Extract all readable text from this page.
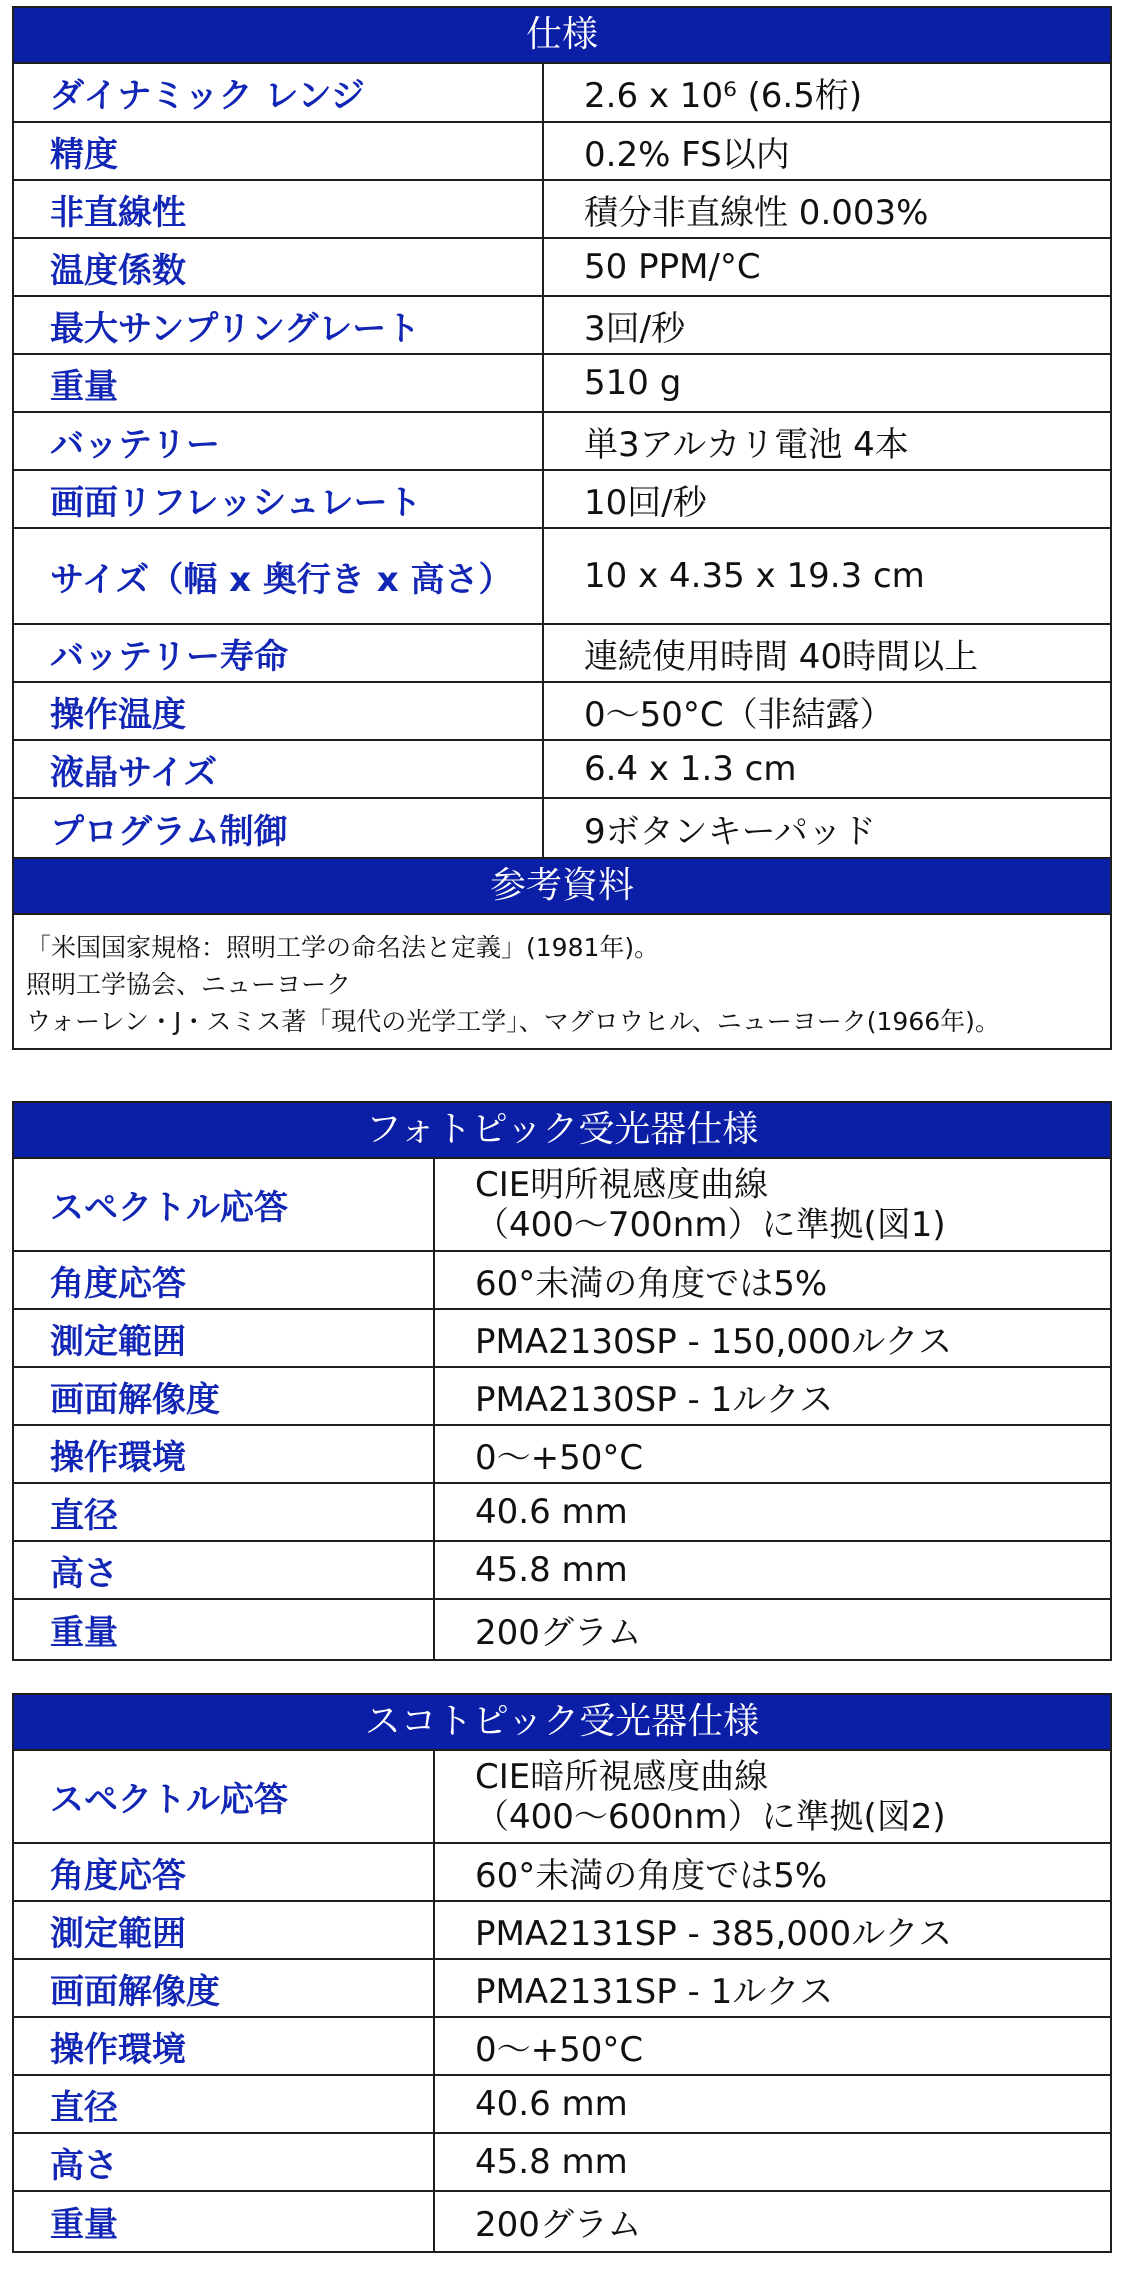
仕様
ダイナミック レンジ	2.6 x 10⁶ (6.5桁)
精度	0.2% FS以内
非直線性	積分非直線性 0.003%
温度係数	50 PPM/°C
最大サンプリングレート	3回/秒
重量	510 g
バッテリー	単3アルカリ電池 4本
画面リフレッシュレート	10回/秒
サイズ（幅 x 奥行き x 高さ）	10 x 4.35 x 19.3 cm
バッテリー寿命	連続使用時間 40時間以上
操作温度	0～50°C（非結露）
液晶サイズ	6.4 x 1.3 cm
プログラム制御	9ボタンキーパッド
参考資料
「米国国家規格：照明工学の命名法と定義」(1981年)。
照明工学協会、ニューヨーク
ウォーレン・J・スミス著「現代の光学工学」、マグロウヒル、ニューヨーク(1966年)。
フォトピック受光器仕様
スペクトル応答	CIE明所視感度曲線
（400～700nm）に準拠(図1)

角度応答	60°未満の角度では5%
測定範囲	PMA2130SP - 150,000ルクス
画面解像度	PMA2130SP - 1ルクス
操作環境	0～+50°C
直径	40.6 mm
高さ	45.8 mm
重量	200グラム
スコトピック受光器仕様
スペクトル応答	CIE暗所視感度曲線
（400～600nm）に準拠(図2)

角度応答	60°未満の角度では5%
測定範囲	PMA2131SP - 385,000ルクス
画面解像度	PMA2131SP - 1ルクス
操作環境	0～+50°C
直径	40.6 mm
高さ	45.8 mm
重量	200グラム
